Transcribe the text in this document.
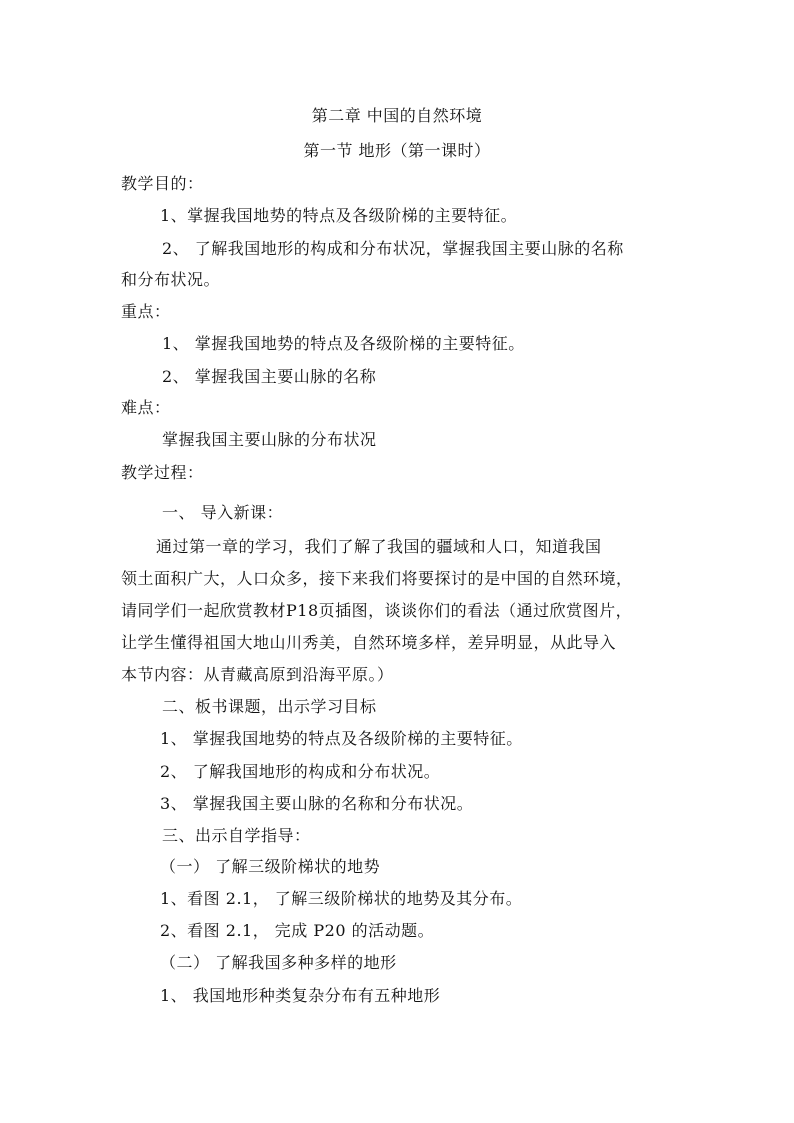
第二章 中国的自然环境
第一节 地形（第一课时）
教学目的：
1、掌握我国地势的特点及各级阶梯的主要特征。
2、 了解我国地形的构成和分布状况，掌握我国主要山脉的名称
和分布状况。
重点：
1、 掌握我国地势的特点及各级阶梯的主要特征。
2、 掌握我国主要山脉的名称
难点：
掌握我国主要山脉的分布状况
教学过程：
一、 导入新课：
通过第一章的学习，我们了解了我国的疆域和人口，知道我国
领土面积广大，人口众多，接下来我们将要探讨的是中国的自然环境，
请同学们一起欣赏教材P18页插图，谈谈你们的看法（通过欣赏图片，
让学生懂得祖国大地山川秀美，自然环境多样，差异明显，从此导入
本节内容：从青藏高原到沿海平原。）
二、板书课题，出示学习目标
1、 掌握我国地势的特点及各级阶梯的主要特征。
2、 了解我国地形的构成和分布状况。
3、 掌握我国主要山脉的名称和分布状况。
三、出示自学指导：
（一） 了解三级阶梯状的地势
1、看图 2.1， 了解三级阶梯状的地势及其分布。
2、看图 2.1， 完成 P20 的活动题。
（二） 了解我国多种多样的地形
1、 我国地形种类复杂分布有五种地形
